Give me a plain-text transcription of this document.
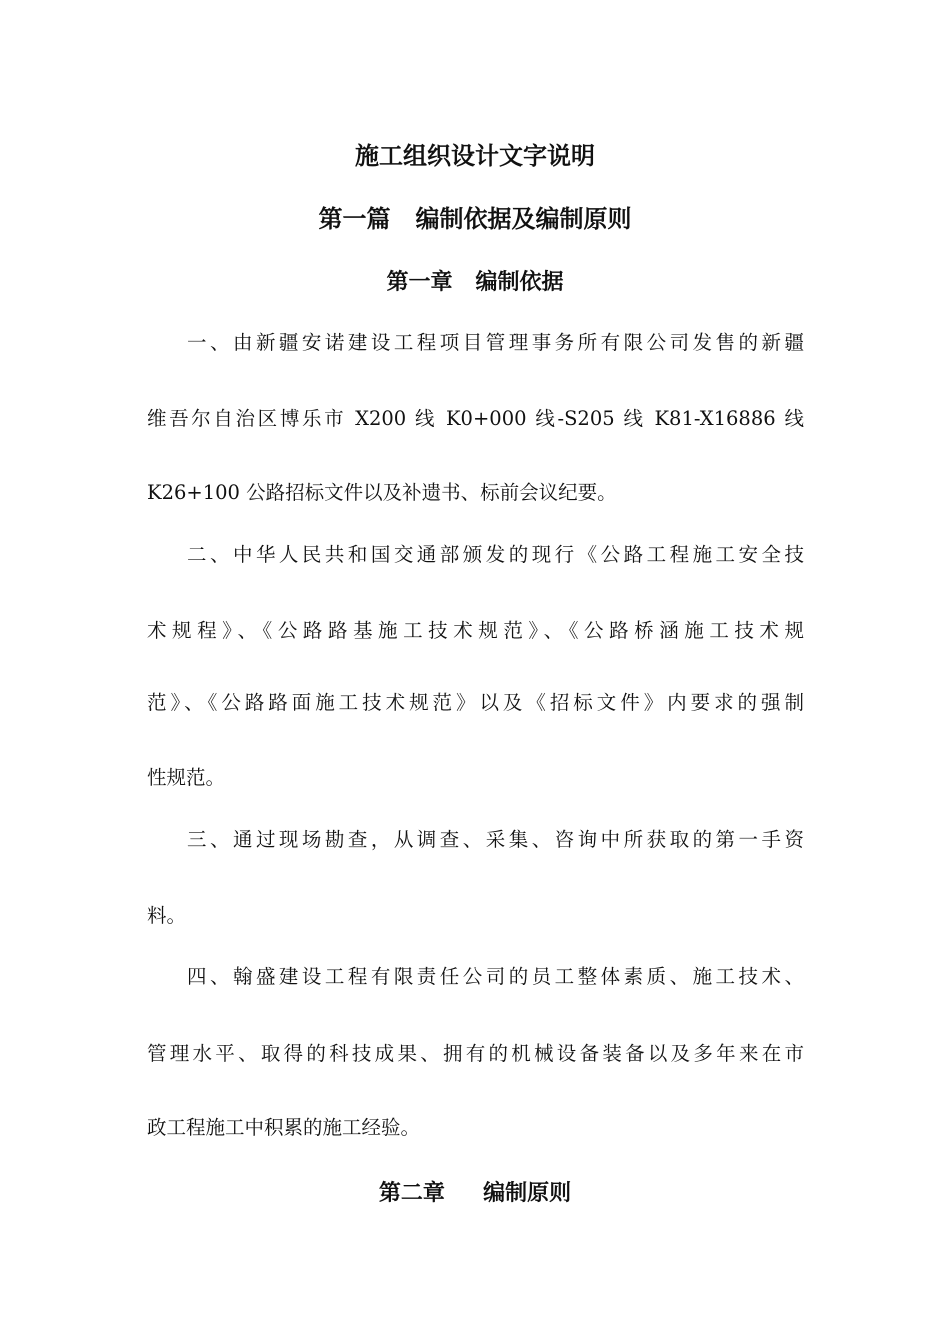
施工组织设计文字说明
第一篇   编制依据及编制原则
第一章   编制依据
一、由新疆安诺建设工程项目管理事务所有限公司发售的新疆
维吾尔自治区博乐市 X200 线 K0+000 线-S205 线 K81-X16886 线
K26+100 公路招标文件以及补遗书、标前会议纪要。
二、中华人民共和国交通部颁发的现行《公路工程施工安全技
术规程》、《公路路基施工技术规范》、《公路桥涵施工技术规
范》、《公路路面施工技术规范》以及《招标文件》内要求的强制
性规范。
三、通过现场勘查，从调查、采集、咨询中所获取的第一手资
料。
四、翰盛建设工程有限责任公司的员工整体素质、施工技术、
管理水平、取得的科技成果、拥有的机械设备装备以及多年来在市
政工程施工中积累的施工经验。
第二章     编制原则
